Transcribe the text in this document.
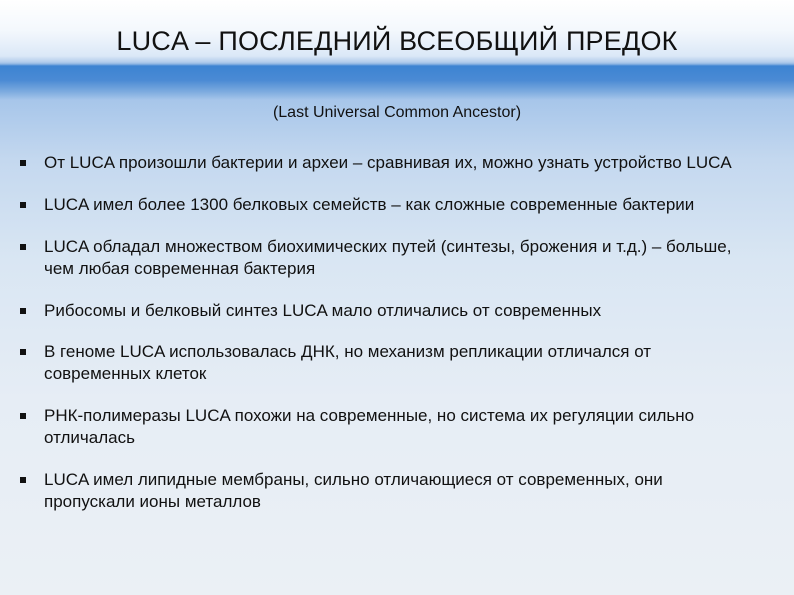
LUCA – ПОСЛЕДНИЙ ВСЕОБЩИЙ ПРЕДОК
(Last Universal Common Ancestor)
От LUCA произошли бактерии и археи – сравнивая их, можно узнать устройство LUCA
LUCA имел более 1300 белковых семейств – как сложные современные бактерии
LUCA обладал множеством биохимических путей (синтезы, брожения и т.д.) – больше, чем любая современная бактерия
Рибосомы и белковый синтез LUCA мало отличались от современных
В геноме LUCA использовалась ДНК, но механизм репликации отличался от современных клеток
РНК-полимеразы LUCA похожи на современные, но система их регуляции сильно отличалась
LUCA имел липидные мембраны, сильно отличающиеся от современных, они пропускали ионы металлов
